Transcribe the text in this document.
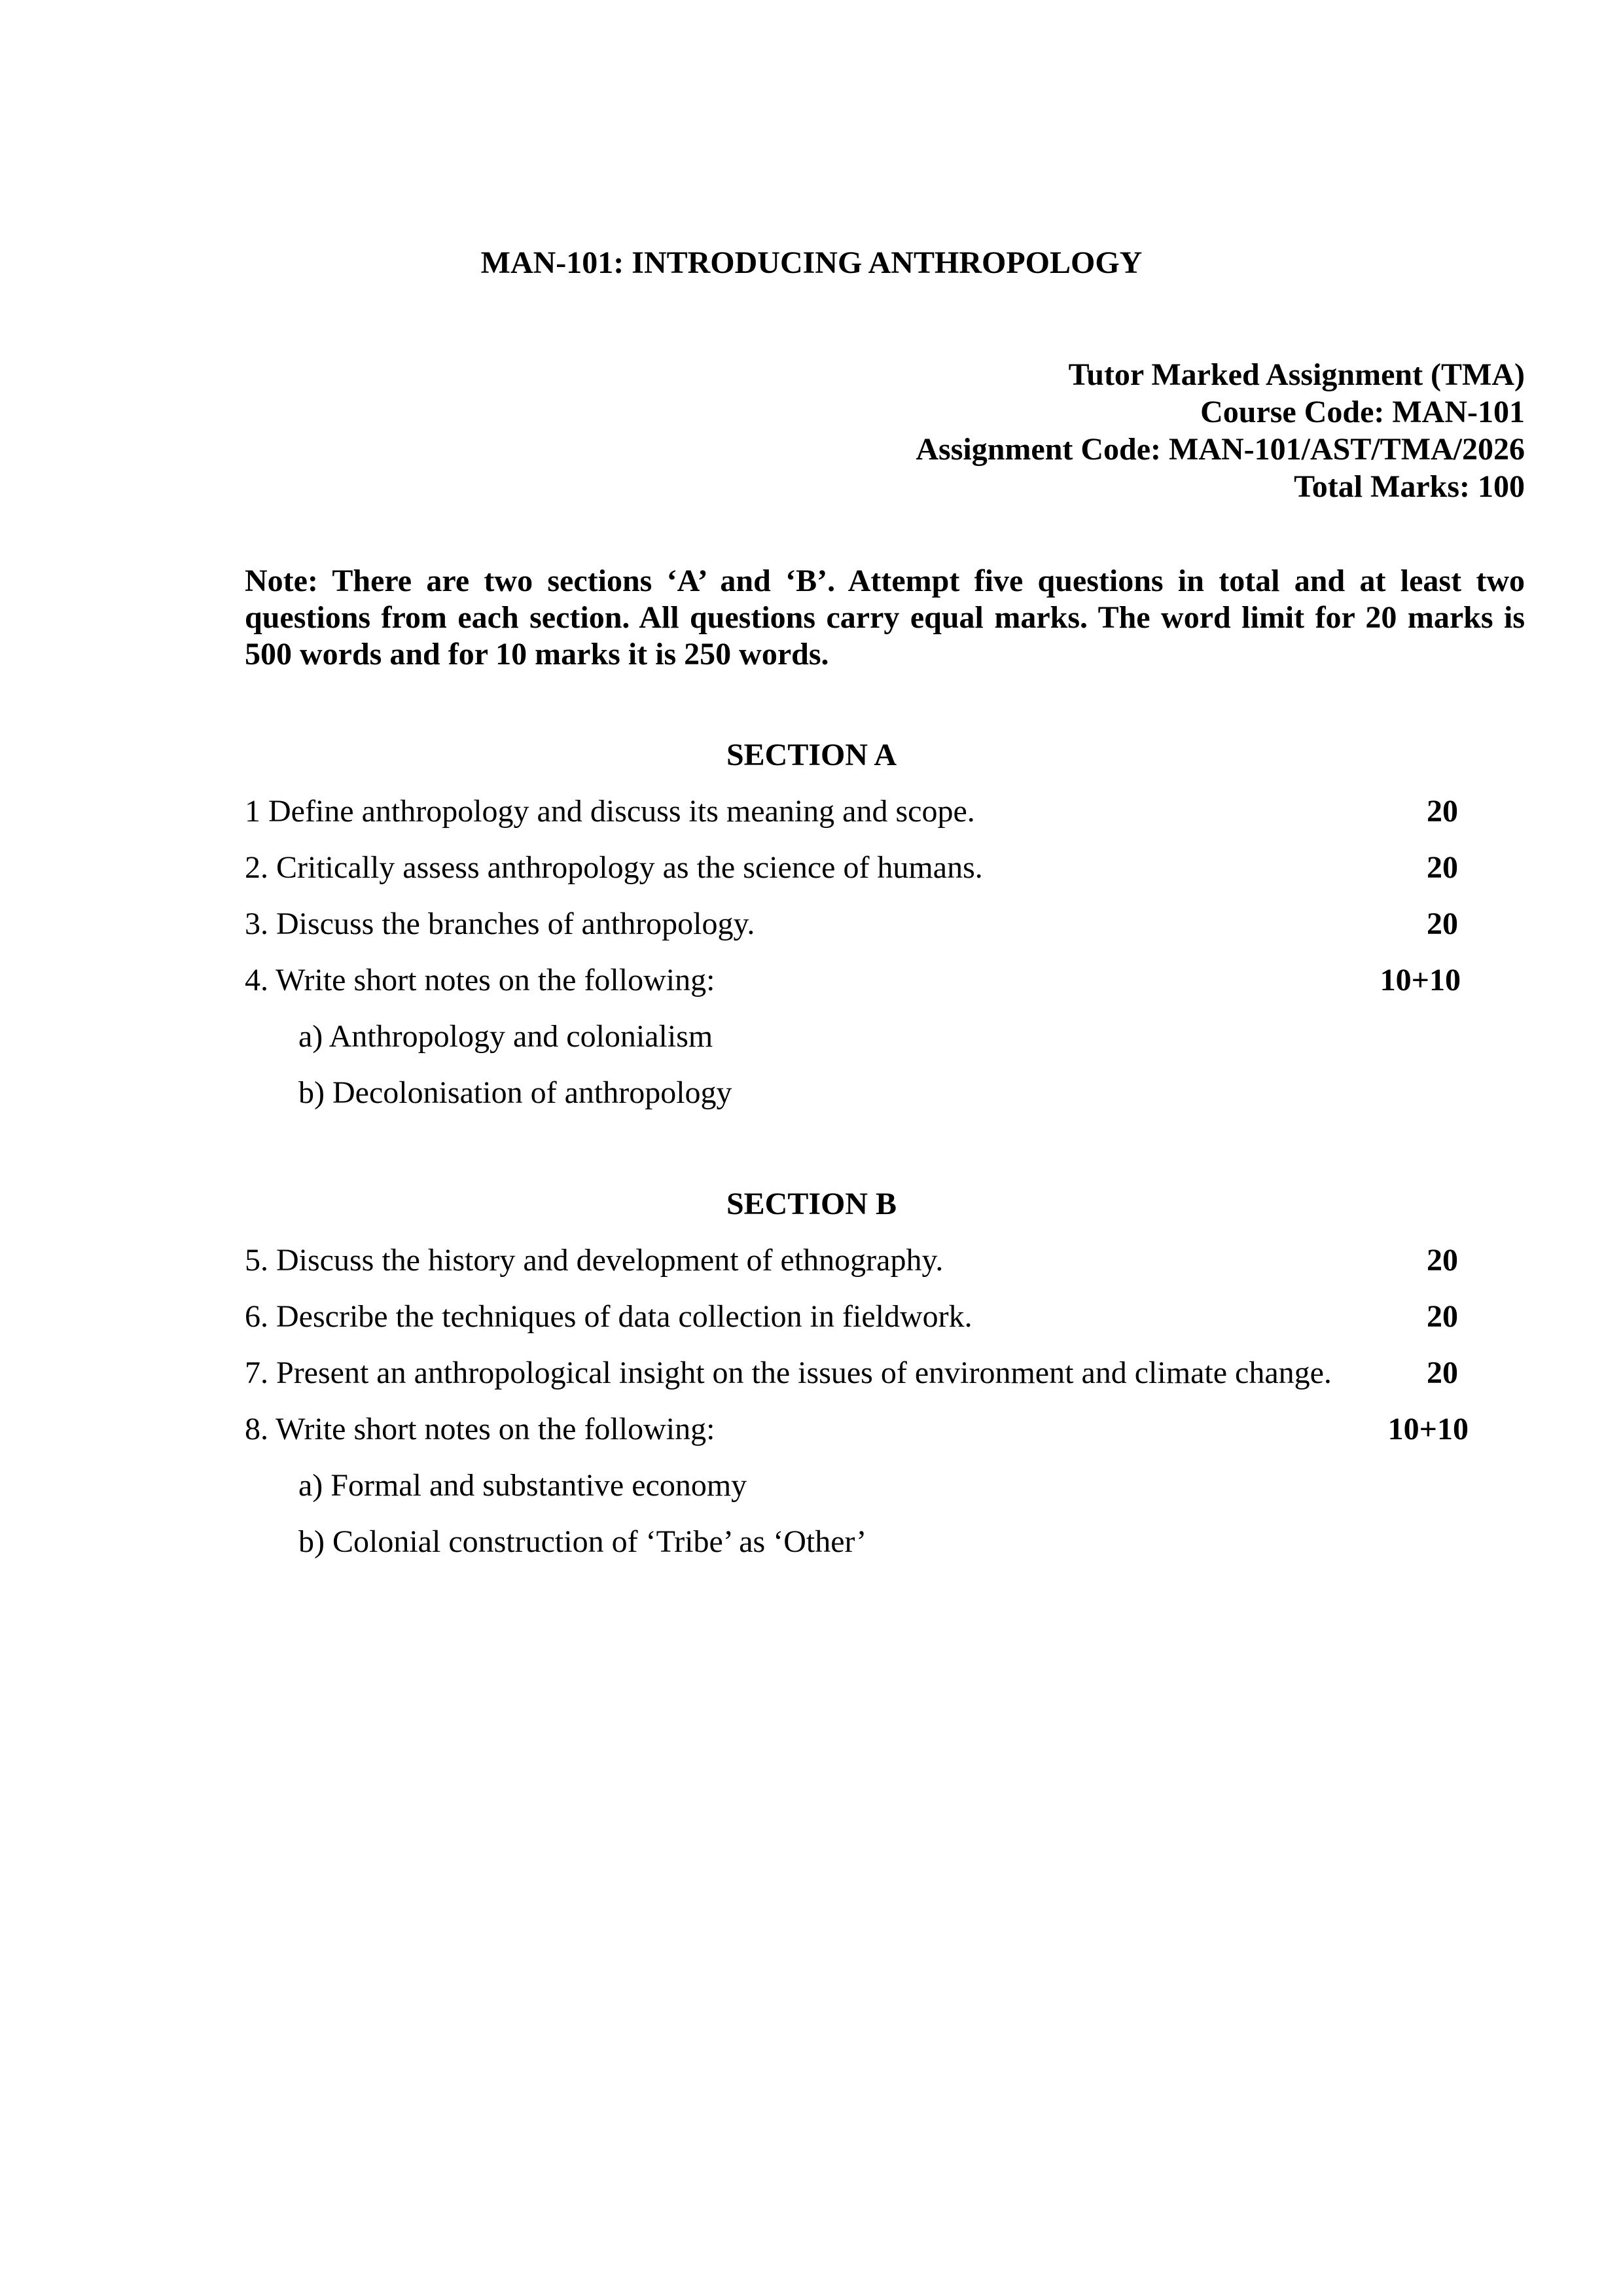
MAN-101: INTRODUCING ANTHROPOLOGY
Tutor Marked Assignment (TMA)
Course Code: MAN-101
Assignment Code: MAN-101/AST/TMA/2026
Total Marks: 100
Note: There are two sections ‘A’ and ‘B’. Attempt five questions in total and at least two questions from each section. All questions carry equal marks. The word limit for 20 marks is 500 words and for 10 marks it is 250 words.
SECTION A
1 Define anthropology and discuss its meaning and scope.	20
2. Critically assess anthropology as the science of humans.	20
3. Discuss the branches of anthropology.	20
4. Write short notes on the following:	10+10
a) Anthropology and colonialism
b) Decolonisation of anthropology
SECTION B
5. Discuss the history and development of ethnography.	20
6. Describe the techniques of data collection in fieldwork.	20
7. Present an anthropological insight on the issues of environment and climate change.	20
8. Write short notes on the following:	10+10
a) Formal and substantive economy
b) Colonial construction of ‘Tribe’ as ‘Other’
